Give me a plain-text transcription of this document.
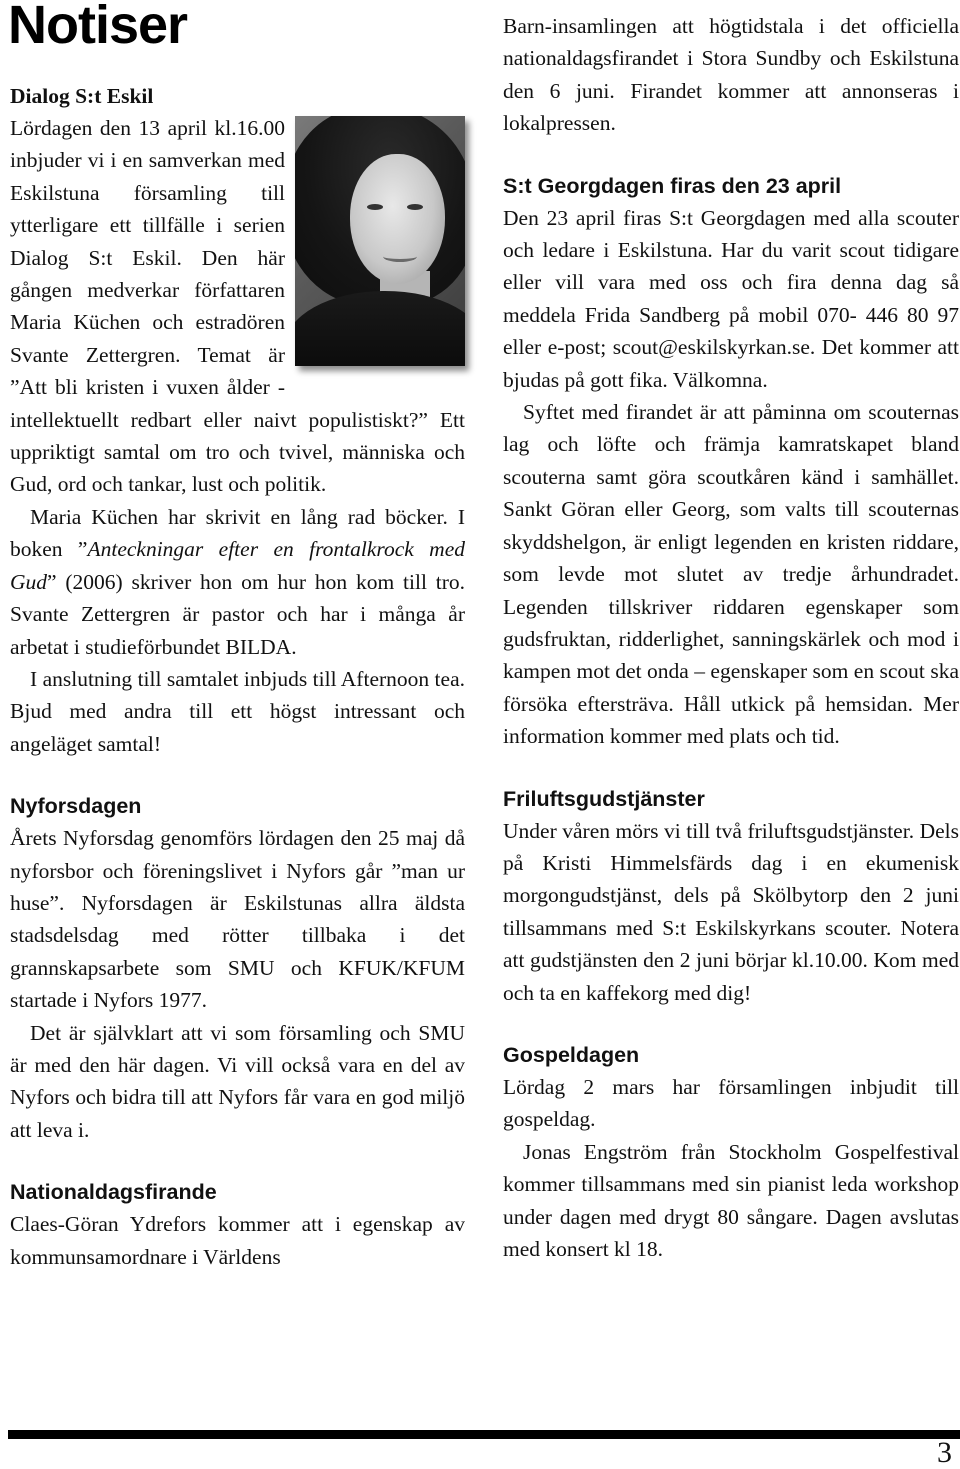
Notiser

Dialog S:t Eskil

Lördagen den 13 april kl.16.00 inbjuder vi i en samverkan med Eskilstuna församling till ytterligare ett tillfälle i serien Dialog S:t Eskil. Den här gången medverkar författaren Maria Küchen och estradören Svante Zettergren. Temat är ”Att bli kristen i vuxen ålder - intellektuellt redbart eller naivt populistiskt?” Ett uppriktigt samtal om tro och tvivel, människa och Gud, ord och tankar, lust och politik.

Maria Küchen har skrivit en lång rad böcker. I boken ”Anteckningar efter en frontalkrock med Gud” (2006) skriver hon om hur hon kom till tro. Svante Zettergren är pastor och har i många år arbetat i studieförbundet BILDA.

I anslutning till samtalet inbjuds till Afternoon tea. Bjud med andra till ett högst intressant och angeläget samtal!

Nyforsdagen

Årets Nyforsdag genomförs lördagen den 25 maj då nyforsbor och föreningslivet i Nyfors går ”man ur huse”. Nyforsdagen är Eskilstunas allra äldsta stadsdelsdag med rötter tillbaka i det grannskapsarbete som SMU och KFUK/KFUM startade i Nyfors 1977.

Det är självklart att vi som församling och SMU är med den här dagen. Vi vill också vara en del av Nyfors och bidra till att Nyfors får vara en god miljö att leva i.

Nationaldagsfirande

Claes-Göran Ydrefors kommer att i egenskap av kommunsamordnare i Världens

Barn-insamlingen att högtidstala i det officiella nationaldagsfirandet i Stora Sundby och Eskilstuna den 6 juni. Firandet kommer att annonseras i lokalpressen.

S:t Georgdagen firas den 23 april

Den 23 april firas S:t Georgdagen med alla scouter och ledare i Eskilstuna. Har du varit scout tidigare eller vill vara med oss och fira denna dag så meddela Frida Sandberg på mobil 070- 446 80 97 eller e-post; scout@eskilskyrkan.se. Det kommer att bjudas på gott fika. Välkomna.

Syftet med firandet är att påminna om scouternas lag och löfte och främja kamratskapet bland scouterna samt göra scoutkåren känd i samhället. Sankt Göran eller Georg, som valts till scouternas skyddshelgon, är enligt legenden en kristen riddare, som levde mot slutet av tredje århundradet. Legenden tillskriver riddaren egenskaper som gudsfruktan, ridderlighet, sanningskärlek och mod i kampen mot det onda – egenskaper som en scout ska försöka eftersträva. Håll utkick på hemsidan. Mer information kommer med plats och tid.

Friluftsgudstjänster

Under våren mörs vi till två friluftsgudstjänster. Dels på Kristi Himmelsfärds dag i en ekumenisk morgongudstjänst, dels på Skölbytorp den 2 juni tillsammans med S:t Eskilskyrkans scouter. Notera att gudstjänsten den 2 juni börjar kl.10.00. Kom med och ta en kaffekorg med dig!

Gospeldagen

Lördag 2 mars har församlingen inbjudit till gospeldag.

Jonas Engström från Stockholm Gospelfestival kommer tillsammans med sin pianist leda workshop under dagen med drygt 80 sångare. Dagen avslutas med konsert kl 18.

3
